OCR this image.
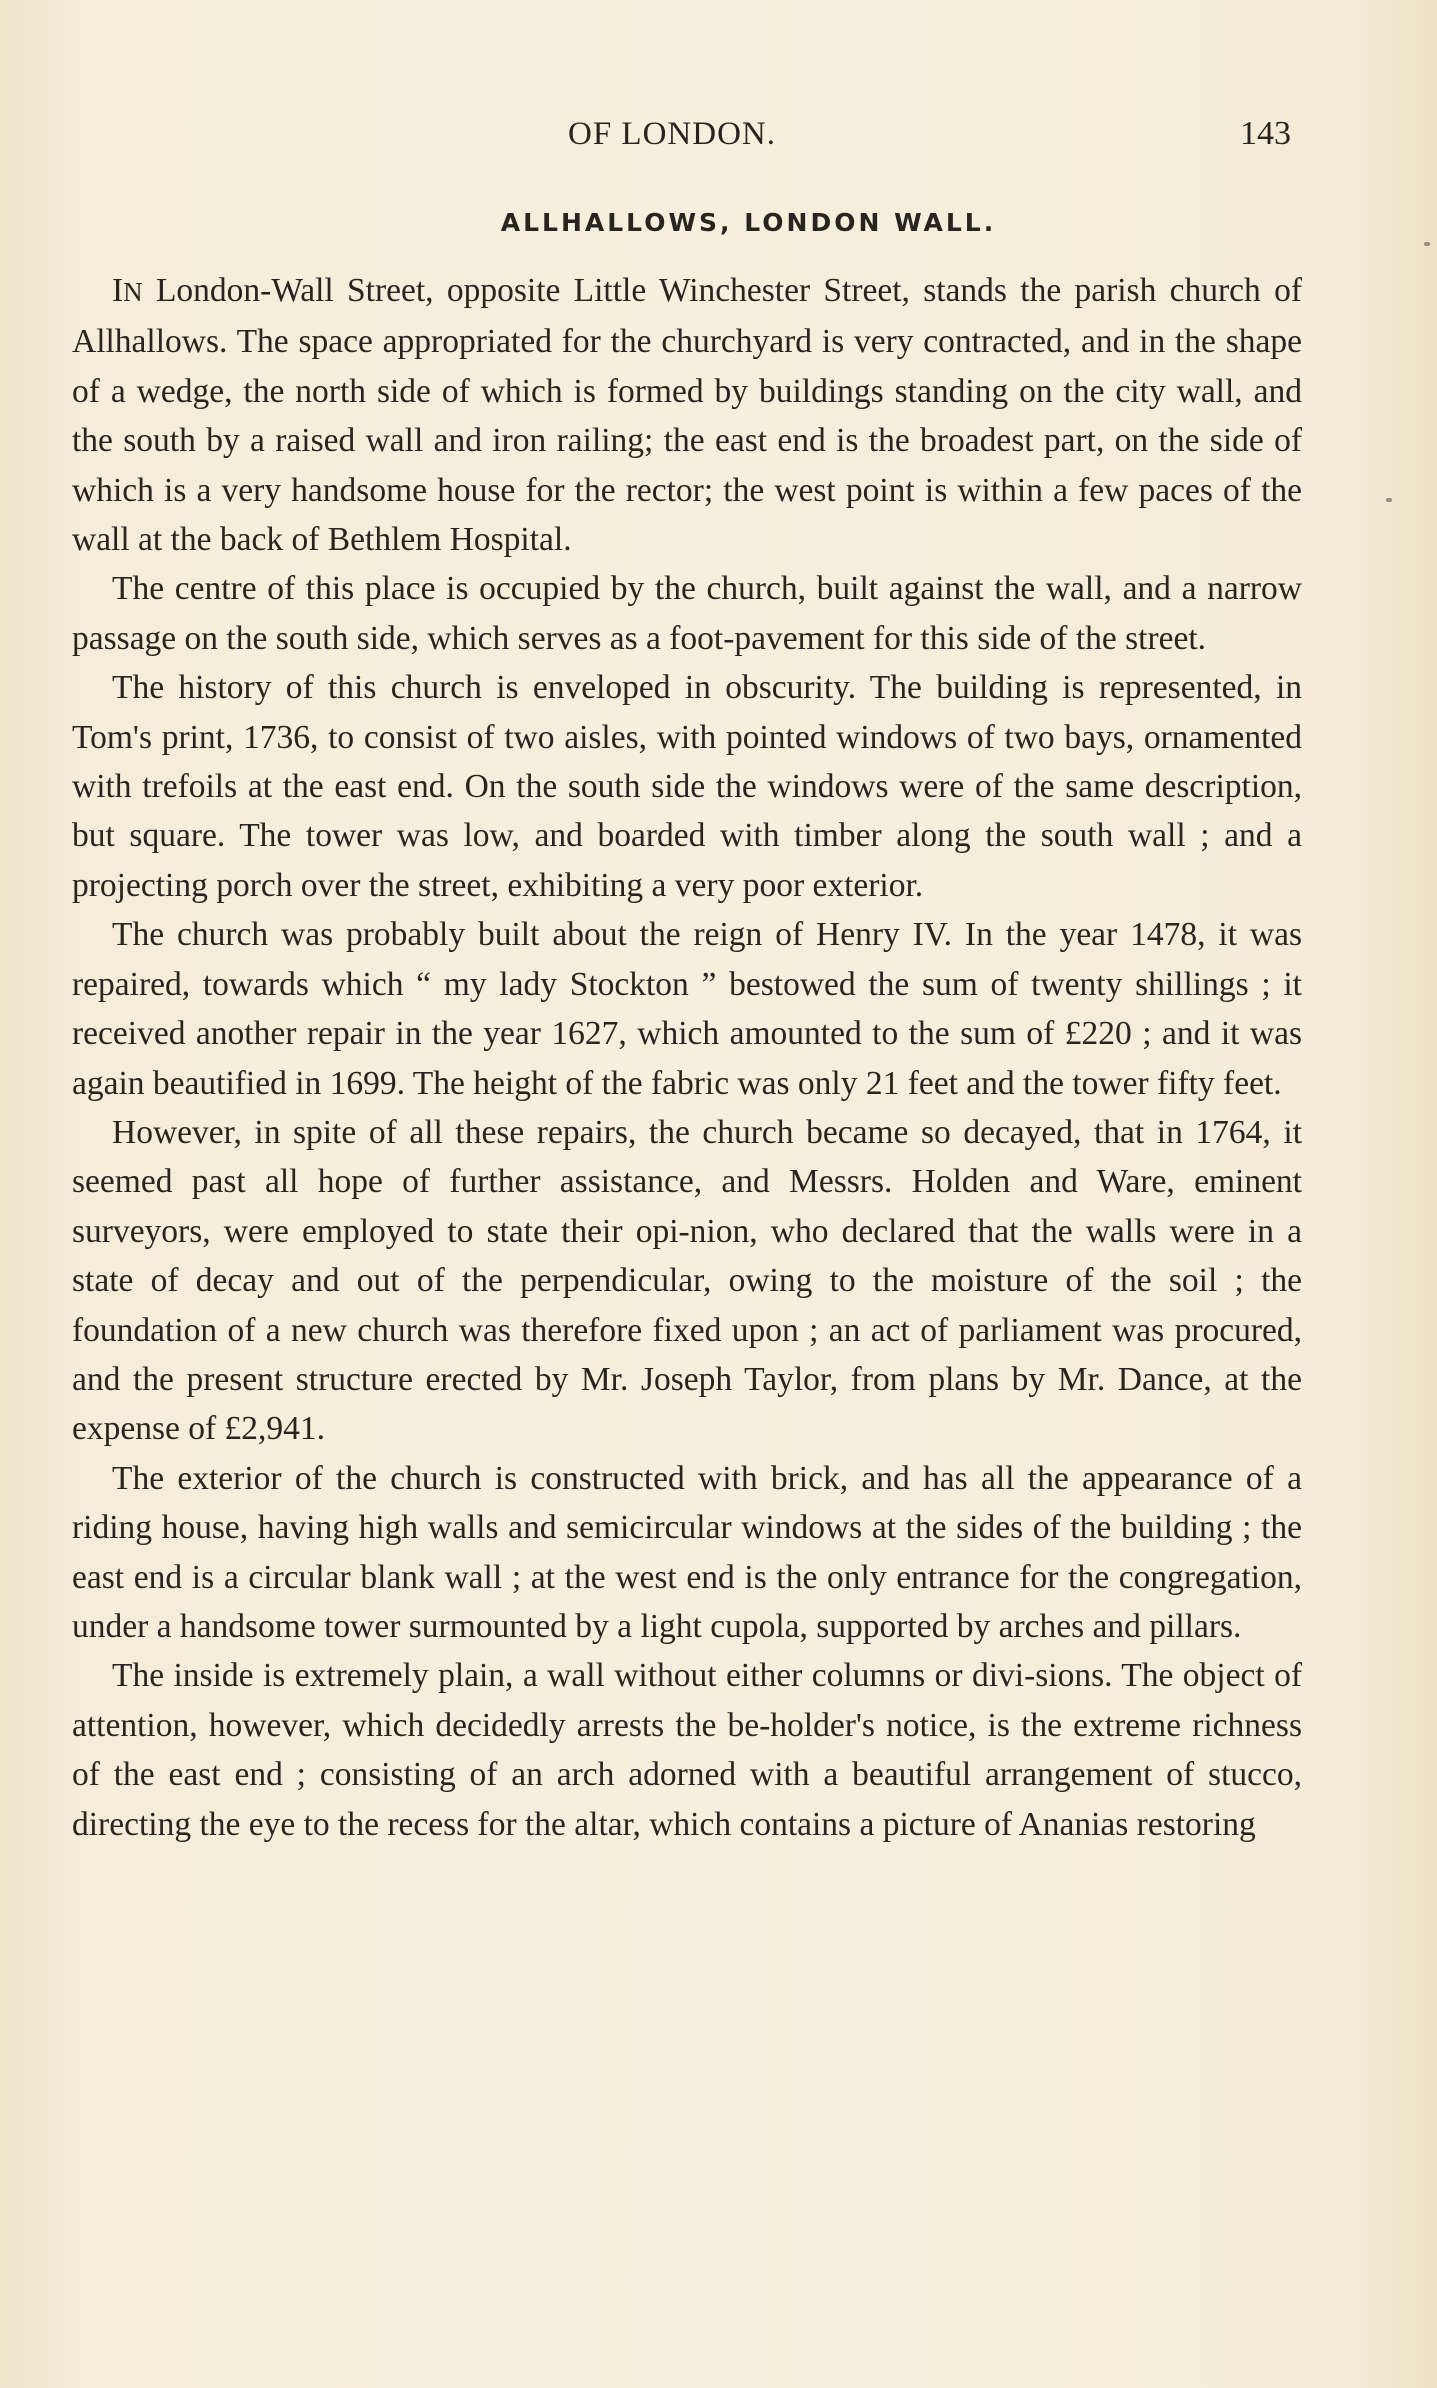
OF LONDON.	143
ALLHALLOWS, LONDON WALL.

IN London-Wall Street, opposite Little Winchester Street, stands the parish church of Allhallows. The space appropriated for the churchyard is very contracted, and in the shape of a wedge, the north side of which is formed by buildings standing on the city wall, and the south by a raised wall and iron railing; the east end is the broadest part, on the side of which is a very handsome house for the rector; the west point is within a few paces of the wall at the back of Bethlem Hospital.

The centre of this place is occupied by the church, built against the wall, and a narrow passage on the south side, which serves as a foot-pavement for this side of the street.

The history of this church is enveloped in obscurity. The building is represented, in Tom's print, 1736, to consist of two aisles, with pointed windows of two bays, ornamented with trefoils at the east end. On the south side the windows were of the same description, but square. The tower was low, and boarded with timber along the south wall ; and a projecting porch over the street, exhibiting a very poor exterior.

The church was probably built about the reign of Henry IV. In the year 1478, it was repaired, towards which “ my lady Stockton ” bestowed the sum of twenty shillings ; it received another repair in the year 1627, which amounted to the sum of £220 ; and it was again beautified in 1699. The height of the fabric was only 21 feet and the tower fifty feet.

However, in spite of all these repairs, the church became so decayed, that in 1764, it seemed past all hope of further assistance, and Messrs. Holden and Ware, eminent surveyors, were employed to state their opi-nion, who declared that the walls were in a state of decay and out of the perpendicular, owing to the moisture of the soil ; the foundation of a new church was therefore fixed upon ; an act of parliament was procured, and the present structure erected by Mr. Joseph Taylor, from plans by Mr. Dance, at the expense of £2,941.

The exterior of the church is constructed with brick, and has all the appearance of a riding house, having high walls and semicircular windows at the sides of the building ; the east end is a circular blank wall ; at the west end is the only entrance for the congregation, under a handsome tower surmounted by a light cupola, supported by arches and pillars.

The inside is extremely plain, a wall without either columns or divi-sions. The object of attention, however, which decidedly arrests the be-holder's notice, is the extreme richness of the east end ; consisting of an arch adorned with a beautiful arrangement of stucco, directing the eye to the recess for the altar, which contains a picture of Ananias restoring
